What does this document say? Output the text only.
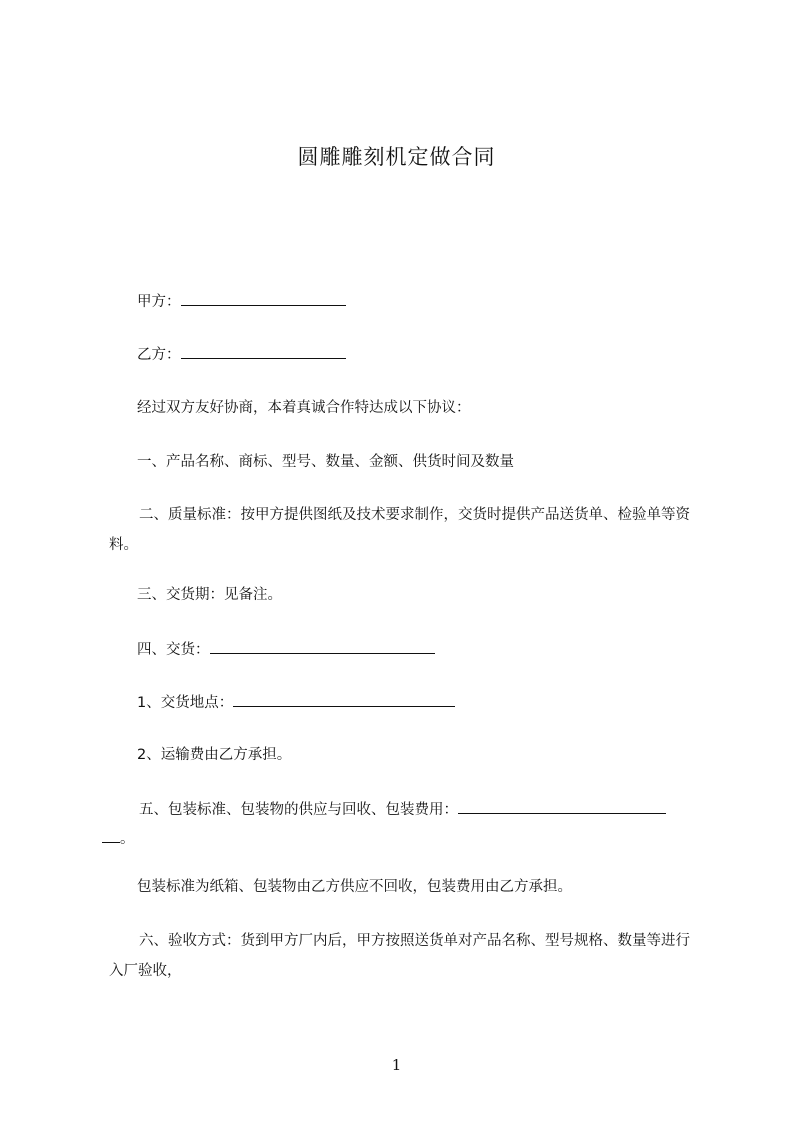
圆雕雕刻机定做合同
甲方：
乙方：
经过双方友好协商，本着真诚合作特达成以下协议：
一、产品名称、商标、型号、数量、金额、供货时间及数量
二、质量标准：按甲方提供图纸及技术要求制作，交货时提供产品送货单、检验单等资料。
三、交货期：见备注。
四、交货：
1、交货地点：
2、运输费由乙方承担。
五、包装标准、包装物的供应与回收、包装费用：
。
包装标准为纸箱、包装物由乙方供应不回收，包装费用由乙方承担。
六、验收方式：货到甲方厂内后，甲方按照送货单对产品名称、型号规格、数量等进行入厂验收，
1
